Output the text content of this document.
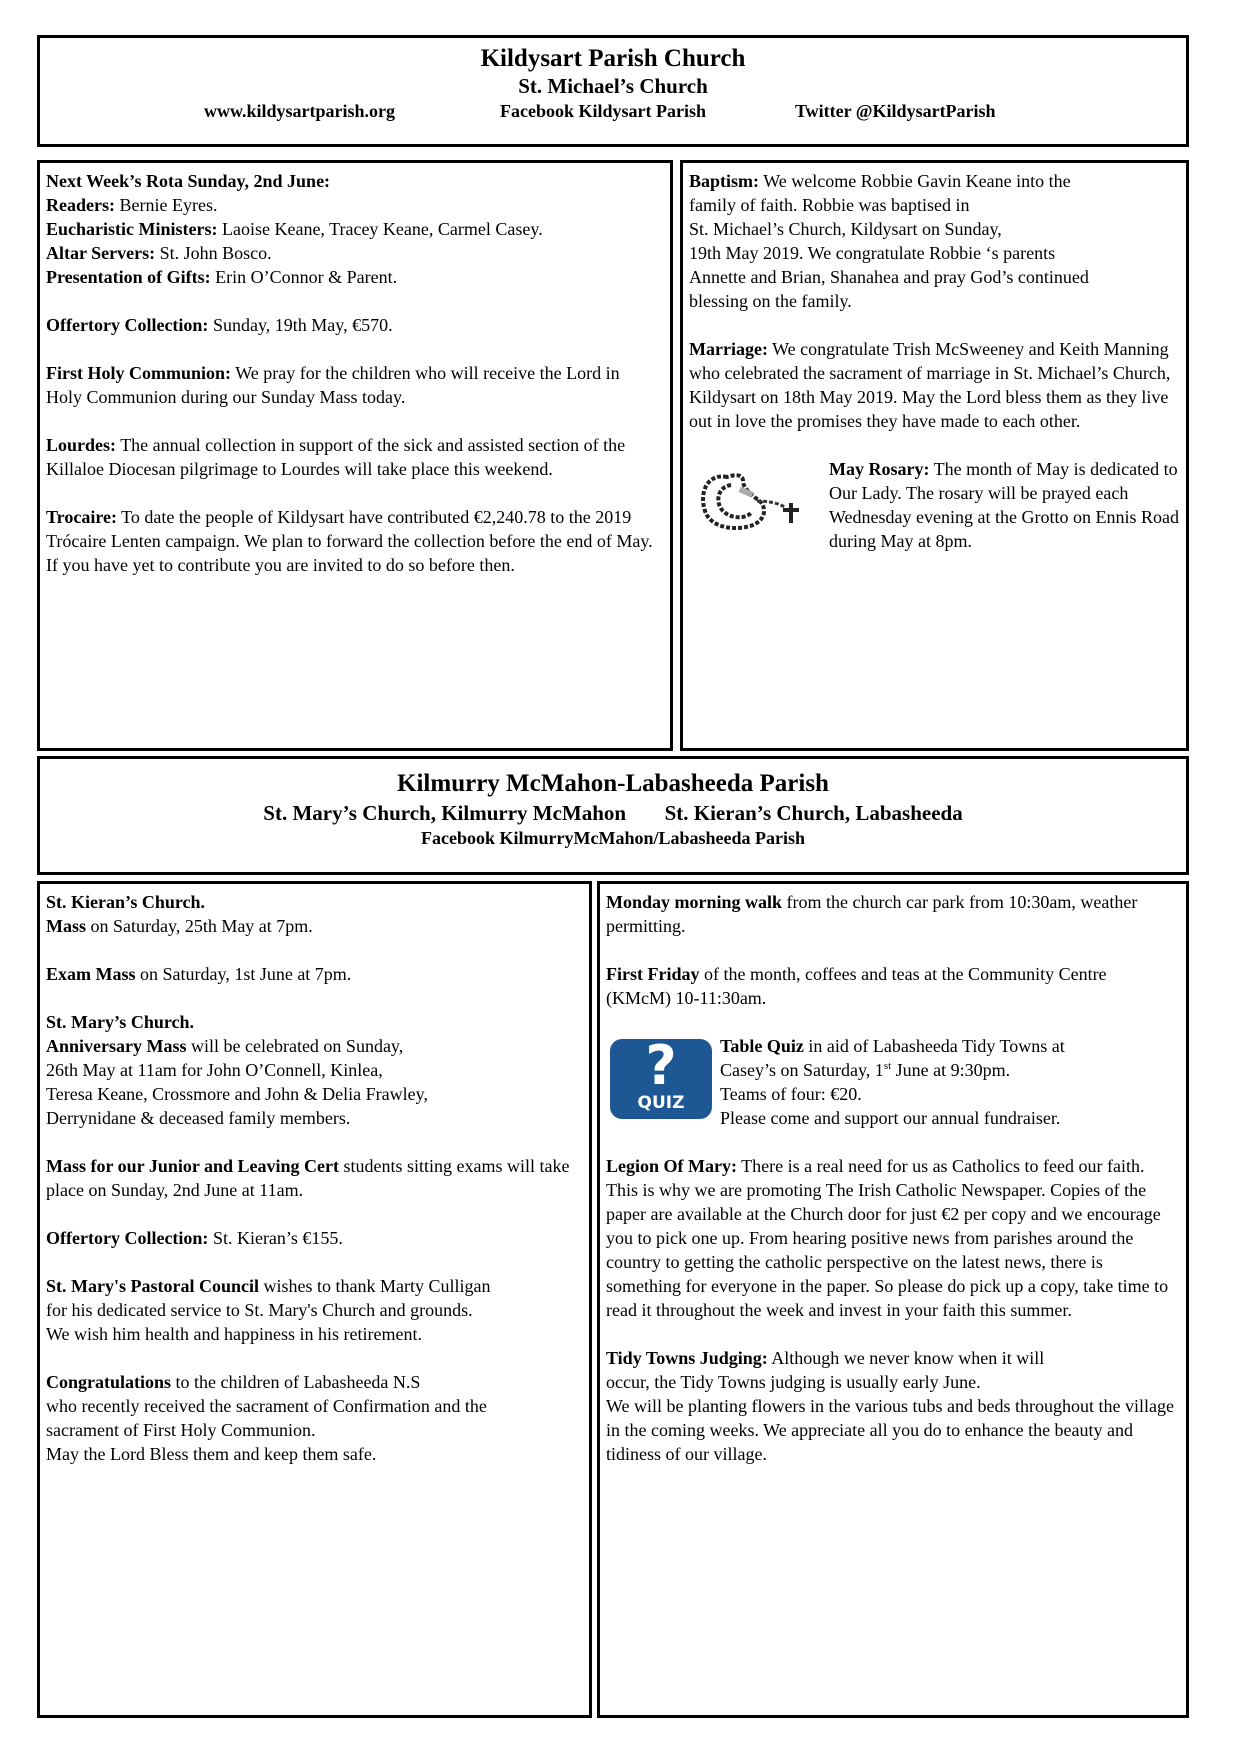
Kildysart Parish Church
St. Michael’s Church
www.kildysartparish.org	Facebook Kildysart Parish	Twitter @KildysartParish

Next Week’s Rota Sunday, 2nd June:
Readers: Bernie Eyres.
Eucharistic Ministers: Laoise Keane, Tracey Keane, Carmel Casey.
Altar Servers: St. John Bosco.
Presentation of Gifts: Erin O’Connor & Parent.

Offertory Collection: Sunday, 19th May, €570.

First Holy Communion: We pray for the children who will receive the Lord in Holy Communion during our Sunday Mass today.

Lourdes: The annual collection in support of the sick and assisted section of the Killaloe Diocesan pilgrimage to Lourdes will take place this weekend.

Trocaire: To date the people of Kildysart have contributed €2,240.78 to the 2019 Trócaire Lenten campaign. We plan to forward the collection before the end of May. If you have yet to contribute you are invited to do so before then.

Baptism: We welcome Robbie Gavin Keane into the
family of faith. Robbie was baptised in
St. Michael’s Church, Kildysart on Sunday,
19th May 2019. We congratulate Robbie ‘s parents
Annette and Brian, Shanahea and pray God’s continued
blessing on the family.

Marriage: We congratulate Trish McSweeney and Keith Manning who celebrated the sacrament of marriage in St. Michael’s Church, Kildysart on 18th May 2019. May the Lord bless them as they live out in love the promises they have made to each other.

May Rosary: The month of May is dedicated to Our Lady. The rosary will be prayed each Wednesday evening at the Grotto on Ennis Road during May at 8pm.

Kilmurry McMahon-Labasheeda Parish
St. Mary’s Church, Kilmurry McMahon St. Kieran’s Church, Labasheeda
Facebook KilmurryMcMahon/Labasheeda Parish

St. Kieran’s Church.
Mass on Saturday, 25th May at 7pm.

Exam Mass on Saturday, 1st June at 7pm.

St. Mary’s Church.
Anniversary Mass will be celebrated on Sunday,
26th May at 11am for John O’Connell, Kinlea,
Teresa Keane, Crossmore and John & Delia Frawley,
Derrynidane & deceased family members.

Mass for our Junior and Leaving Cert students sitting exams will take place on Sunday, 2nd June at 11am.

Offertory Collection: St. Kieran’s €155.

St. Mary's Pastoral Council wishes to thank Marty Culligan
for his dedicated service to St. Mary's Church and grounds.
We wish him health and happiness in his retirement.

Congratulations to the children of Labasheeda N.S
who recently received the sacrament of Confirmation and the
sacrament of First Holy Communion.
May the Lord Bless them and keep them safe.

Monday morning walk from the church car park from 10:30am, weather permitting.

First Friday of the month, coffees and teas at the Community Centre (KMcM) 10-11:30am.

?
QUIZ

Table Quiz in aid of Labasheeda Tidy Towns at
Casey’s on Saturday, 1st June at 9:30pm.
Teams of four: €20.
Please come and support our annual fundraiser.

Legion Of Mary: There is a real need for us as Catholics to feed our faith. This is why we are promoting The Irish Catholic Newspaper. Copies of the paper are available at the Church door for just €2 per copy and we encourage you to pick one up. From hearing positive news from parishes around the country to getting the catholic perspective on the latest news, there is something for everyone in the paper. So please do pick up a copy, take time to read it throughout the week and invest in your faith this summer.

Tidy Towns Judging: Although we never know when it will
occur, the Tidy Towns judging is usually early June.
We will be planting flowers in the various tubs and beds throughout the village in the coming weeks. We appreciate all you do to enhance the beauty and tidiness of our village.
